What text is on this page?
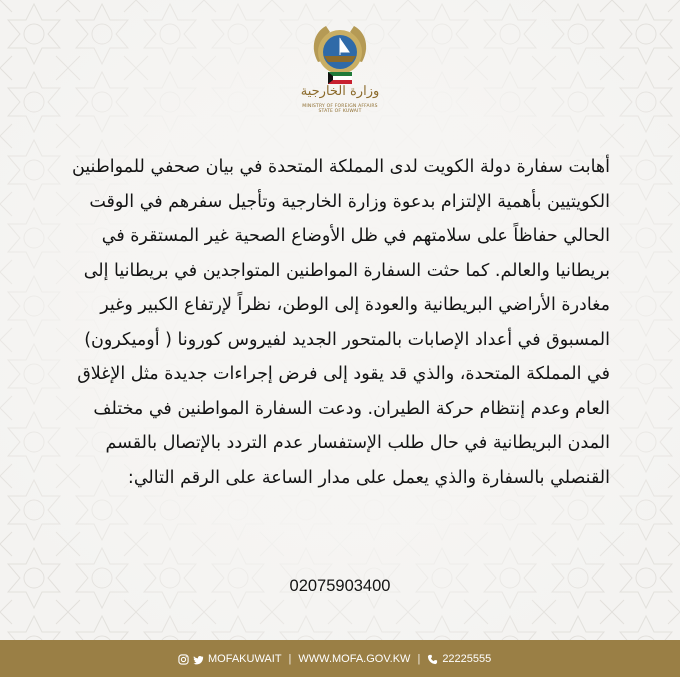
وزارة الخارجية
MINISTRY OF FOREIGN AFFAIRS
STATE OF KUWAIT
أهابت سفارة دولة الكويت لدى المملكة المتحدة في بيان صحفي للمواطنين
الكويتيين بأهمية الإلتزام بدعوة وزارة الخارجية وتأجيل سفرهم في الوقت
الحالي حفاظاً على سلامتهم في ظل الأوضاع الصحية غير المستقرة في
بريطانيا والعالم. كما حثت السفارة المواطنين المتواجدين في بريطانيا إلى
مغادرة الأراضي البريطانية والعودة إلى الوطن، نظراً لإرتفاع الكبير وغير
المسبوق في أعداد الإصابات بالمتحور الجديد لفيروس كورونا ( أوميكرون)
في المملكة المتحدة، والذي قد يقود إلى فرض إجراءات جديدة مثل الإغلاق
العام وعدم إنتظام حركة الطيران. ودعت السفارة المواطنين في مختلف
المدن البريطانية في حال طلب الإستفسار عدم التردد بالإتصال بالقسم
القنصلي بالسفارة والذي يعمل على مدار الساعة على الرقم التالي:
02075903400
MOFAKUWAIT | WWW.MOFA.GOV.KW | 22225555
